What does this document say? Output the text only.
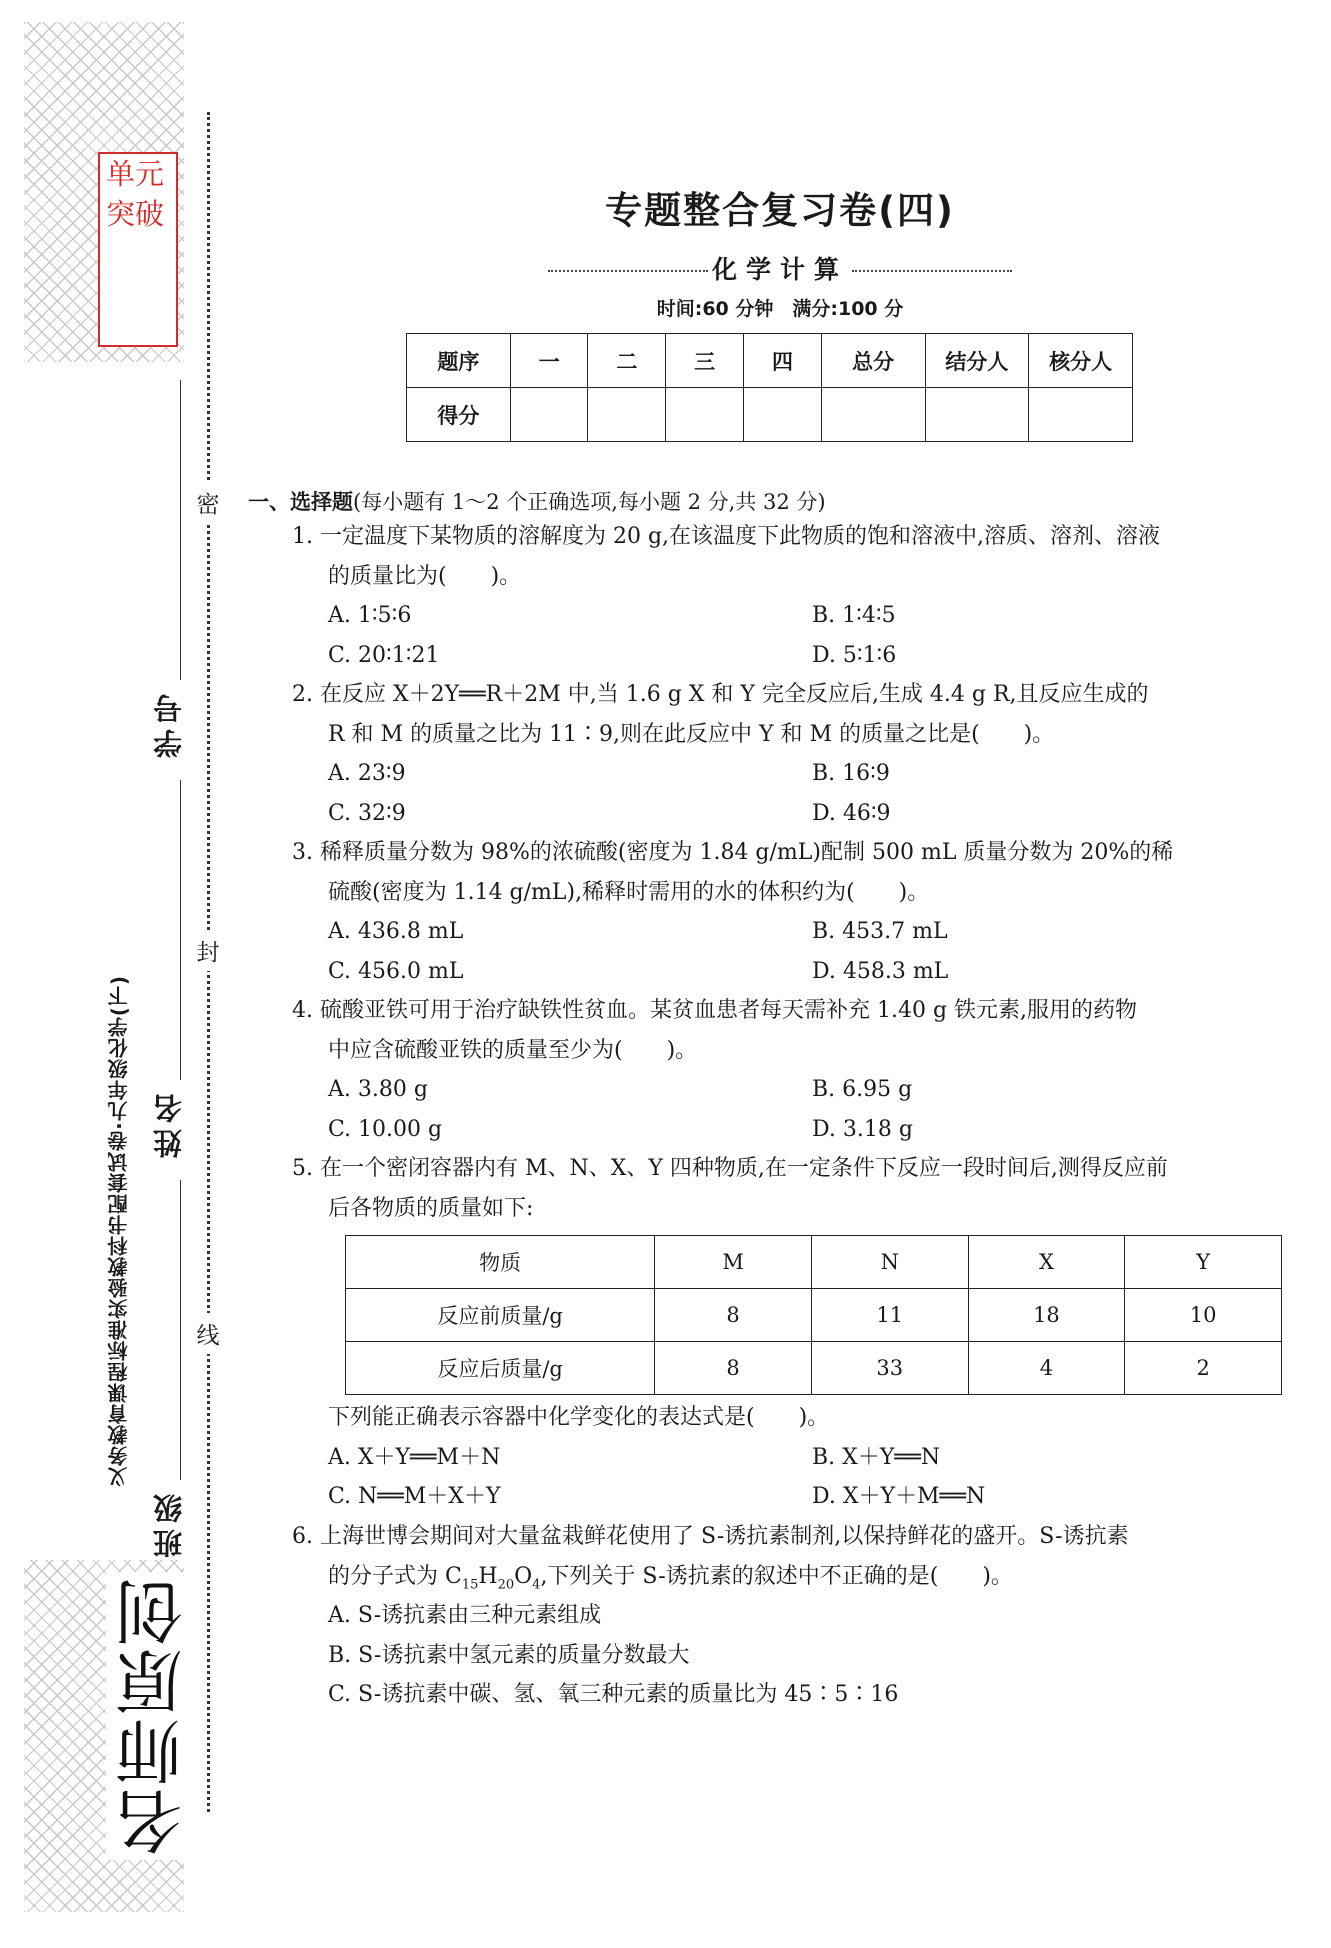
单元突破
密
封
线
学号
姓名
班级
义务教育课程标准实验教科书配套试卷·九年级化学(下)
名师原创
专题整合复习卷(四)
化学计算
时间:60 分钟　满分:100 分
题序	一	二	三	四	总分	结分人	核分人
得分							
一、选择题(每小题有 1～2 个正确选项,每小题 2 分,共 32 分)
1. 一定温度下某物质的溶解度为 20 g,在该温度下此物质的饱和溶液中,溶质、溶剂、溶液
的质量比为(　　)。
A. 1∶5∶6	B. 1∶4∶5
C. 20∶1∶21	D. 5∶1∶6
2. 在反应 X＋2Y══R＋2M 中,当 1.6 g X 和 Y 完全反应后,生成 4.4 g R,且反应生成的
R 和 M 的质量之比为 11∶9,则在此反应中 Y 和 M 的质量之比是(　　)。
A. 23∶9	B. 16∶9
C. 32∶9	D. 46∶9
3. 稀释质量分数为 98%的浓硫酸(密度为 1.84 g/mL)配制 500 mL 质量分数为 20%的稀
硫酸(密度为 1.14 g/mL),稀释时需用的水的体积约为(　　)。
A. 436.8 mL	B. 453.7 mL
C. 456.0 mL	D. 458.3 mL
4. 硫酸亚铁可用于治疗缺铁性贫血。某贫血患者每天需补充 1.40 g 铁元素,服用的药物
中应含硫酸亚铁的质量至少为(　　)。
A. 3.80 g	B. 6.95 g
C. 10.00 g	D. 3.18 g
5. 在一个密闭容器内有 M、N、X、Y 四种物质,在一定条件下反应一段时间后,测得反应前
后各物质的质量如下:
物质	M	N	X	Y
反应前质量/g	8	11	18	10
反应后质量/g	8	33	4	2
下列能正确表示容器中化学变化的表达式是(　　)。
A. X＋Y══M＋N	B. X＋Y══N
C. N══M＋X＋Y	D. X＋Y＋M══N
6. 上海世博会期间对大量盆栽鲜花使用了 S-诱抗素制剂,以保持鲜花的盛开。S-诱抗素
的分子式为 $C_{15}H_{20}O_4$,下列关于 S-诱抗素的叙述中不正确的是(　　)。
A. S-诱抗素由三种元素组成
B. S-诱抗素中氢元素的质量分数最大
C. S-诱抗素中碳、氢、氧三种元素的质量比为 45∶5∶16
